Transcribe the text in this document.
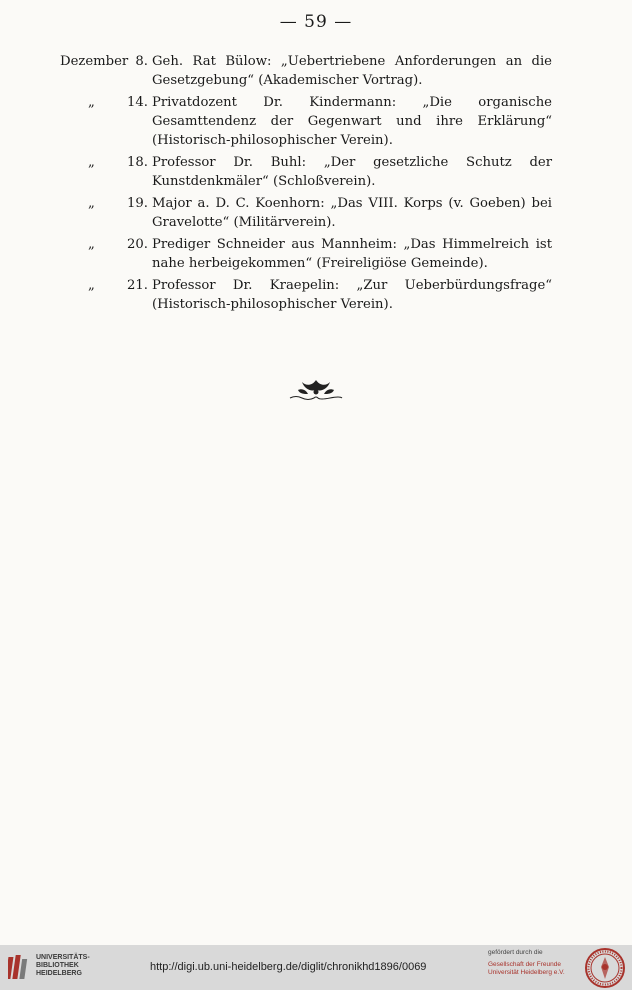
— 59 —
Dezember 8. Geh. Rat Bülow: „Uebertriebene Anforderungen an die Gesetzgebung“ (Akademischer Vortrag).
„	14. Privatdozent Dr. Kindermann: „Die organische Gesamttendenz der Gegenwart und ihre Erklärung“ (Historisch-philosophischer Verein).
„	18. Professor Dr. Buhl: „Der gesetzliche Schutz der Kunstdenkmäler“ (Schloßverein).
„	19. Major a. D. C. Koenhorn: „Das VIII. Korps (v. Goeben) bei Gravelotte“ (Militärverein).
„	20. Prediger Schneider aus Mannheim: „Das Himmelreich ist nahe herbeigekommen“ (Freireligiöse Gemeinde).
„	21. Professor Dr. Kraepelin: „Zur Ueberbürdungsfrage“ (Historisch-philosophischer Verein).
UNIVERSITÄTS-
BIBLIOTHEK
HEIDELBERG
http://digi.ub.uni-heidelberg.de/diglit/chronikhd1896/0069
gefördert durch die
Gesellschaft der Freunde
Universität Heidelberg e.V.
